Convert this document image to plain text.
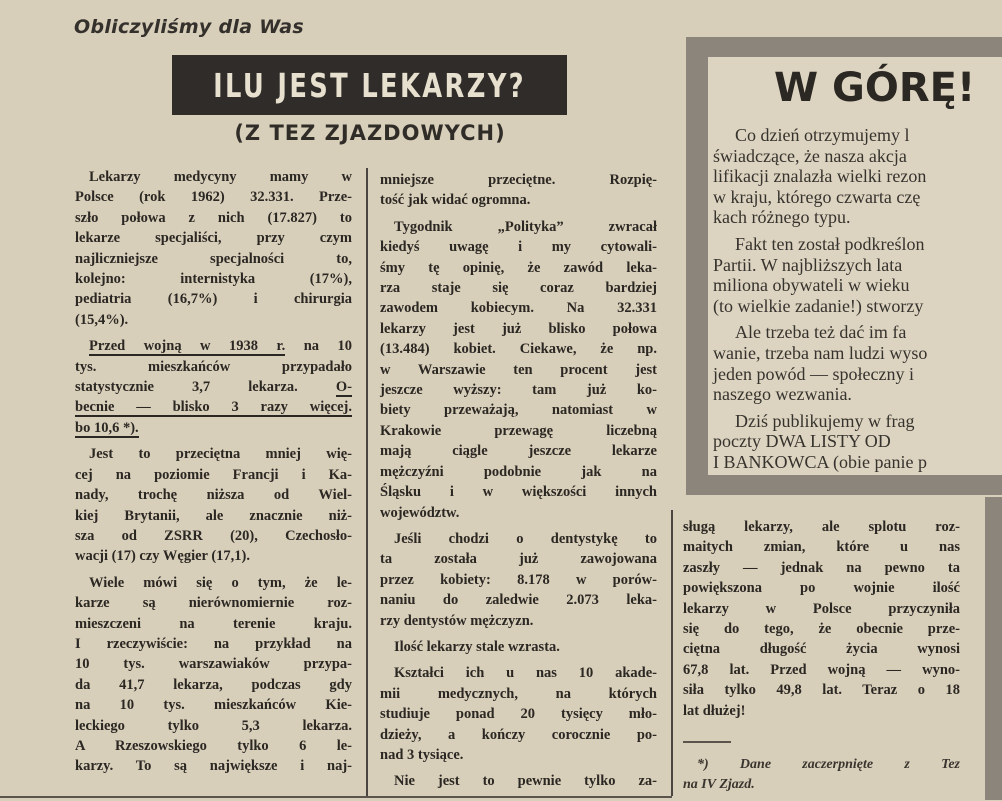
Obliczyliśmy dla Was
ILU JEST LEKARZY?
(Z TEZ ZJAZDOWYCH)
Lekarzy medycyny mamy w
Polsce (rok 1962) 32.331. Prze-
szło połowa z nich (17.827) to
lekarze specjaliści, przy czym
najliczniejsze specjalności to,
kolejno: internistyka (17%),
pediatria (16,7%) i chirurgia
(15,4%).
Przed wojną w 1938 r. na 10
tys. mieszkańców przypadało
statystycznie 3,7 lekarza. O-
becnie — blisko 3 razy więcej.
bo 10,6 *).
Jest to przeciętna mniej wię-
cej na poziomie Francji i Ka-
nady, trochę niższa od Wiel-
kiej Brytanii, ale znacznie niż-
sza od ZSRR (20), Czechosło-
wacji (17) czy Węgier (17,1).
Wiele mówi się o tym, że le-
karze są nierównomiernie roz-
mieszczeni na terenie kraju.
I rzeczywiście: na przykład na
10 tys. warszawiaków przypa-
da 41,7 lekarza, podczas gdy
na 10 tys. mieszkańców Kie-
leckiego tylko 5,3 lekarza.
A Rzeszowskiego tylko 6 le-
karzy. To są największe i naj-
mniejsze przeciętne. Rozpię-
tość jak widać ogromna.
Tygodnik „Polityka” zwracał
kiedyś uwagę i my cytowali-
śmy tę opinię, że zawód leka-
rza staje się coraz bardziej
zawodem kobiecym. Na 32.331
lekarzy jest już blisko połowa
(13.484) kobiet. Ciekawe, że np.
w Warszawie ten procent jest
jeszcze wyższy: tam już ko-
biety przeważają, natomiast w
Krakowie przewagę liczebną
mają ciągle jeszcze lekarze
mężczyźni podobnie jak na
Śląsku i w większości innych
województw.
Jeśli chodzi o dentystykę to
ta została już zawojowana
przez kobiety: 8.178 w porów-
naniu do zaledwie 2.073 leka-
rzy dentystów mężczyzn.
Ilość lekarzy stale wzrasta.
Kształci ich u nas 10 akade-
mii medycznych, na których
studiuje ponad 20 tysięcy mło-
dzieży, a kończy corocznie po-
nad 3 tysiące.
Nie jest to pewnie tylko za-
W GÓRĘ!
Co dzień otrzymujemy l
świadczące, że nasza akcja
lifikacji znalazła wielki rezon
w kraju, którego czwarta czę
kach różnego typu.
Fakt ten został podkreślon
Partii. W najbliższych lata
miliona obywateli w wieku
(to wielkie zadanie!) stworzy
Ale trzeba też dać im fa
wanie, trzeba nam ludzi wyso
jeden powód — społeczny i
naszego wezwania.
Dziś publikujemy w frag
poczty DWA LISTY OD
I BANKOWCA (obie panie p
sługą lekarzy, ale splotu roz-
maitych zmian, które u nas
zaszły — jednak na pewno ta
powiększona po wojnie ilość
lekarzy w Polsce przyczyniła
się do tego, że obecnie prze-
ciętna długość życia wynosi
67,8 lat. Przed wojną — wyno-
siła tylko 49,8 lat. Teraz o 18
lat dłużej!
*) Dane zaczerpnięte z Tez
na IV Zjazd.
